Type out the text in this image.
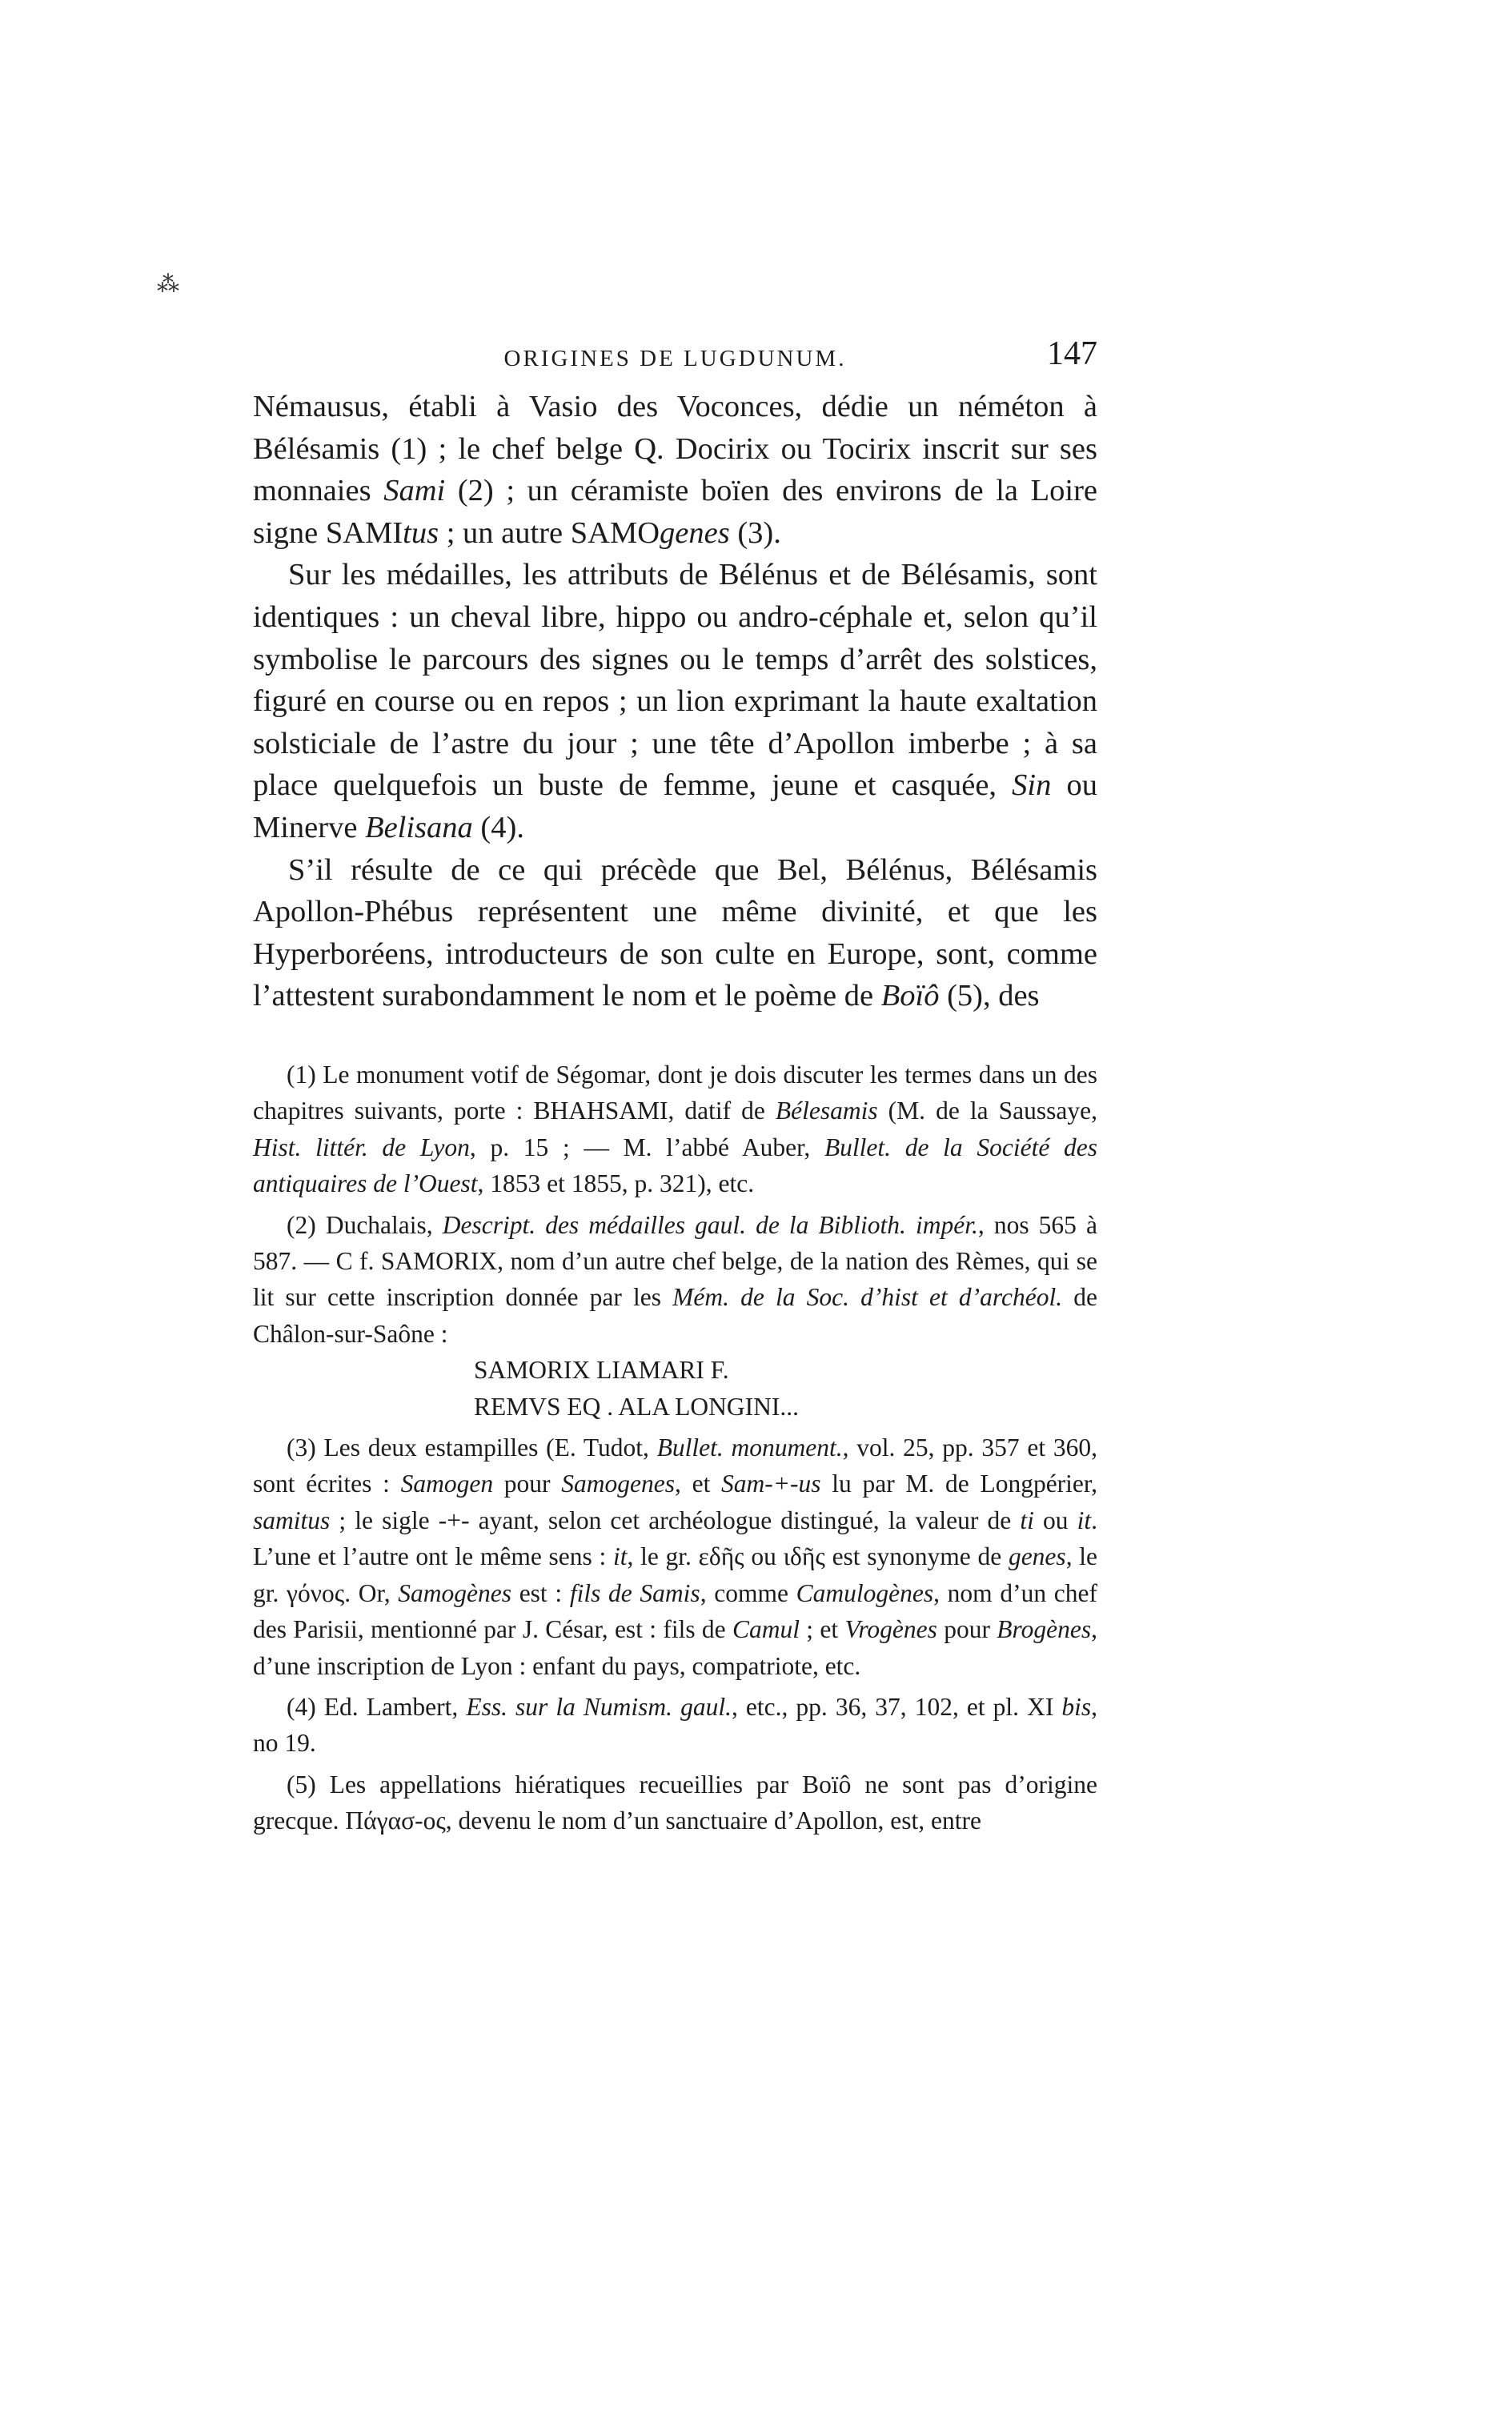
⁂
ORIGINES DE LUGDUNUM.	147

Némausus, établi à Vasio des Voconces, dédie un néméton à Bélésamis (1) ; le chef belge Q. Docirix ou Tocirix inscrit sur ses monnaies Sami (2) ; un céramiste boïen des environs de la Loire signe SAMItus ; un autre SAMOgenes (3).

Sur les médailles, les attributs de Bélénus et de Bélésamis, sont identiques : un cheval libre, hippo ou andro-céphale et, selon qu’il symbolise le parcours des signes ou le temps d’arrêt des solstices, figuré en course ou en repos ; un lion exprimant la haute exaltation solsticiale de l’astre du jour ; une tête d’Apollon imberbe ; à sa place quelquefois un buste de femme, jeune et casquée, Sin ou Minerve Belisana (4).

S’il résulte de ce qui précède que Bel, Bélénus, Bélésamis Apollon-Phébus représentent une même divinité, et que les Hyperboréens, introducteurs de son culte en Europe, sont, comme l’attestent surabondamment le nom et le poème de Boïô (5), des

(1) Le monument votif de Ségomar, dont je dois discuter les termes dans un des chapitres suivants, porte : BHAHSAMI, datif de Bélesamis (M. de la Saussaye, Hist. littér. de Lyon, p. 15 ; — M. l’abbé Auber, Bullet. de la Société des antiquaires de l’Ouest, 1853 et 1855, p. 321), etc.

(2) Duchalais, Descript. des médailles gaul. de la Biblioth. impér., nos 565 à 587. — C f. SAMORIX, nom d’un autre chef belge, de la nation des Rèmes, qui se lit sur cette inscription donnée par les Mém. de la Soc. d’hist et d’archéol. de Châlon-sur-Saône :

SAMORIX LIAMARI F.

REMVS EQ . ALA LONGINI...

(3) Les deux estampilles (E. Tudot, Bullet. monument., vol. 25, pp. 357 et 360, sont écrites : Samogen pour Samogenes, et Sam-+-us lu par M. de Longpérier, samitus ; le sigle -+- ayant, selon cet archéologue distingué, la valeur de ti ou it. L’une et l’autre ont le même sens : it, le gr. εδῆς ou ιδῆς est synonyme de genes, le gr. γόνος. Or, Samogènes est : fils de Samis, comme Camulogènes, nom d’un chef des Parisii, mentionné par J. César, est : fils de Camul ; et Vrogènes pour Brogènes, d’une inscription de Lyon : enfant du pays, compatriote, etc.

(4) Ed. Lambert, Ess. sur la Numism. gaul., etc., pp. 36, 37, 102, et pl. XI bis, no 19.

(5) Les appellations hiératiques recueillies par Boïô ne sont pas d’origine grecque. Πάγασ-ος, devenu le nom d’un sanctuaire d’Apollon, est, entre
